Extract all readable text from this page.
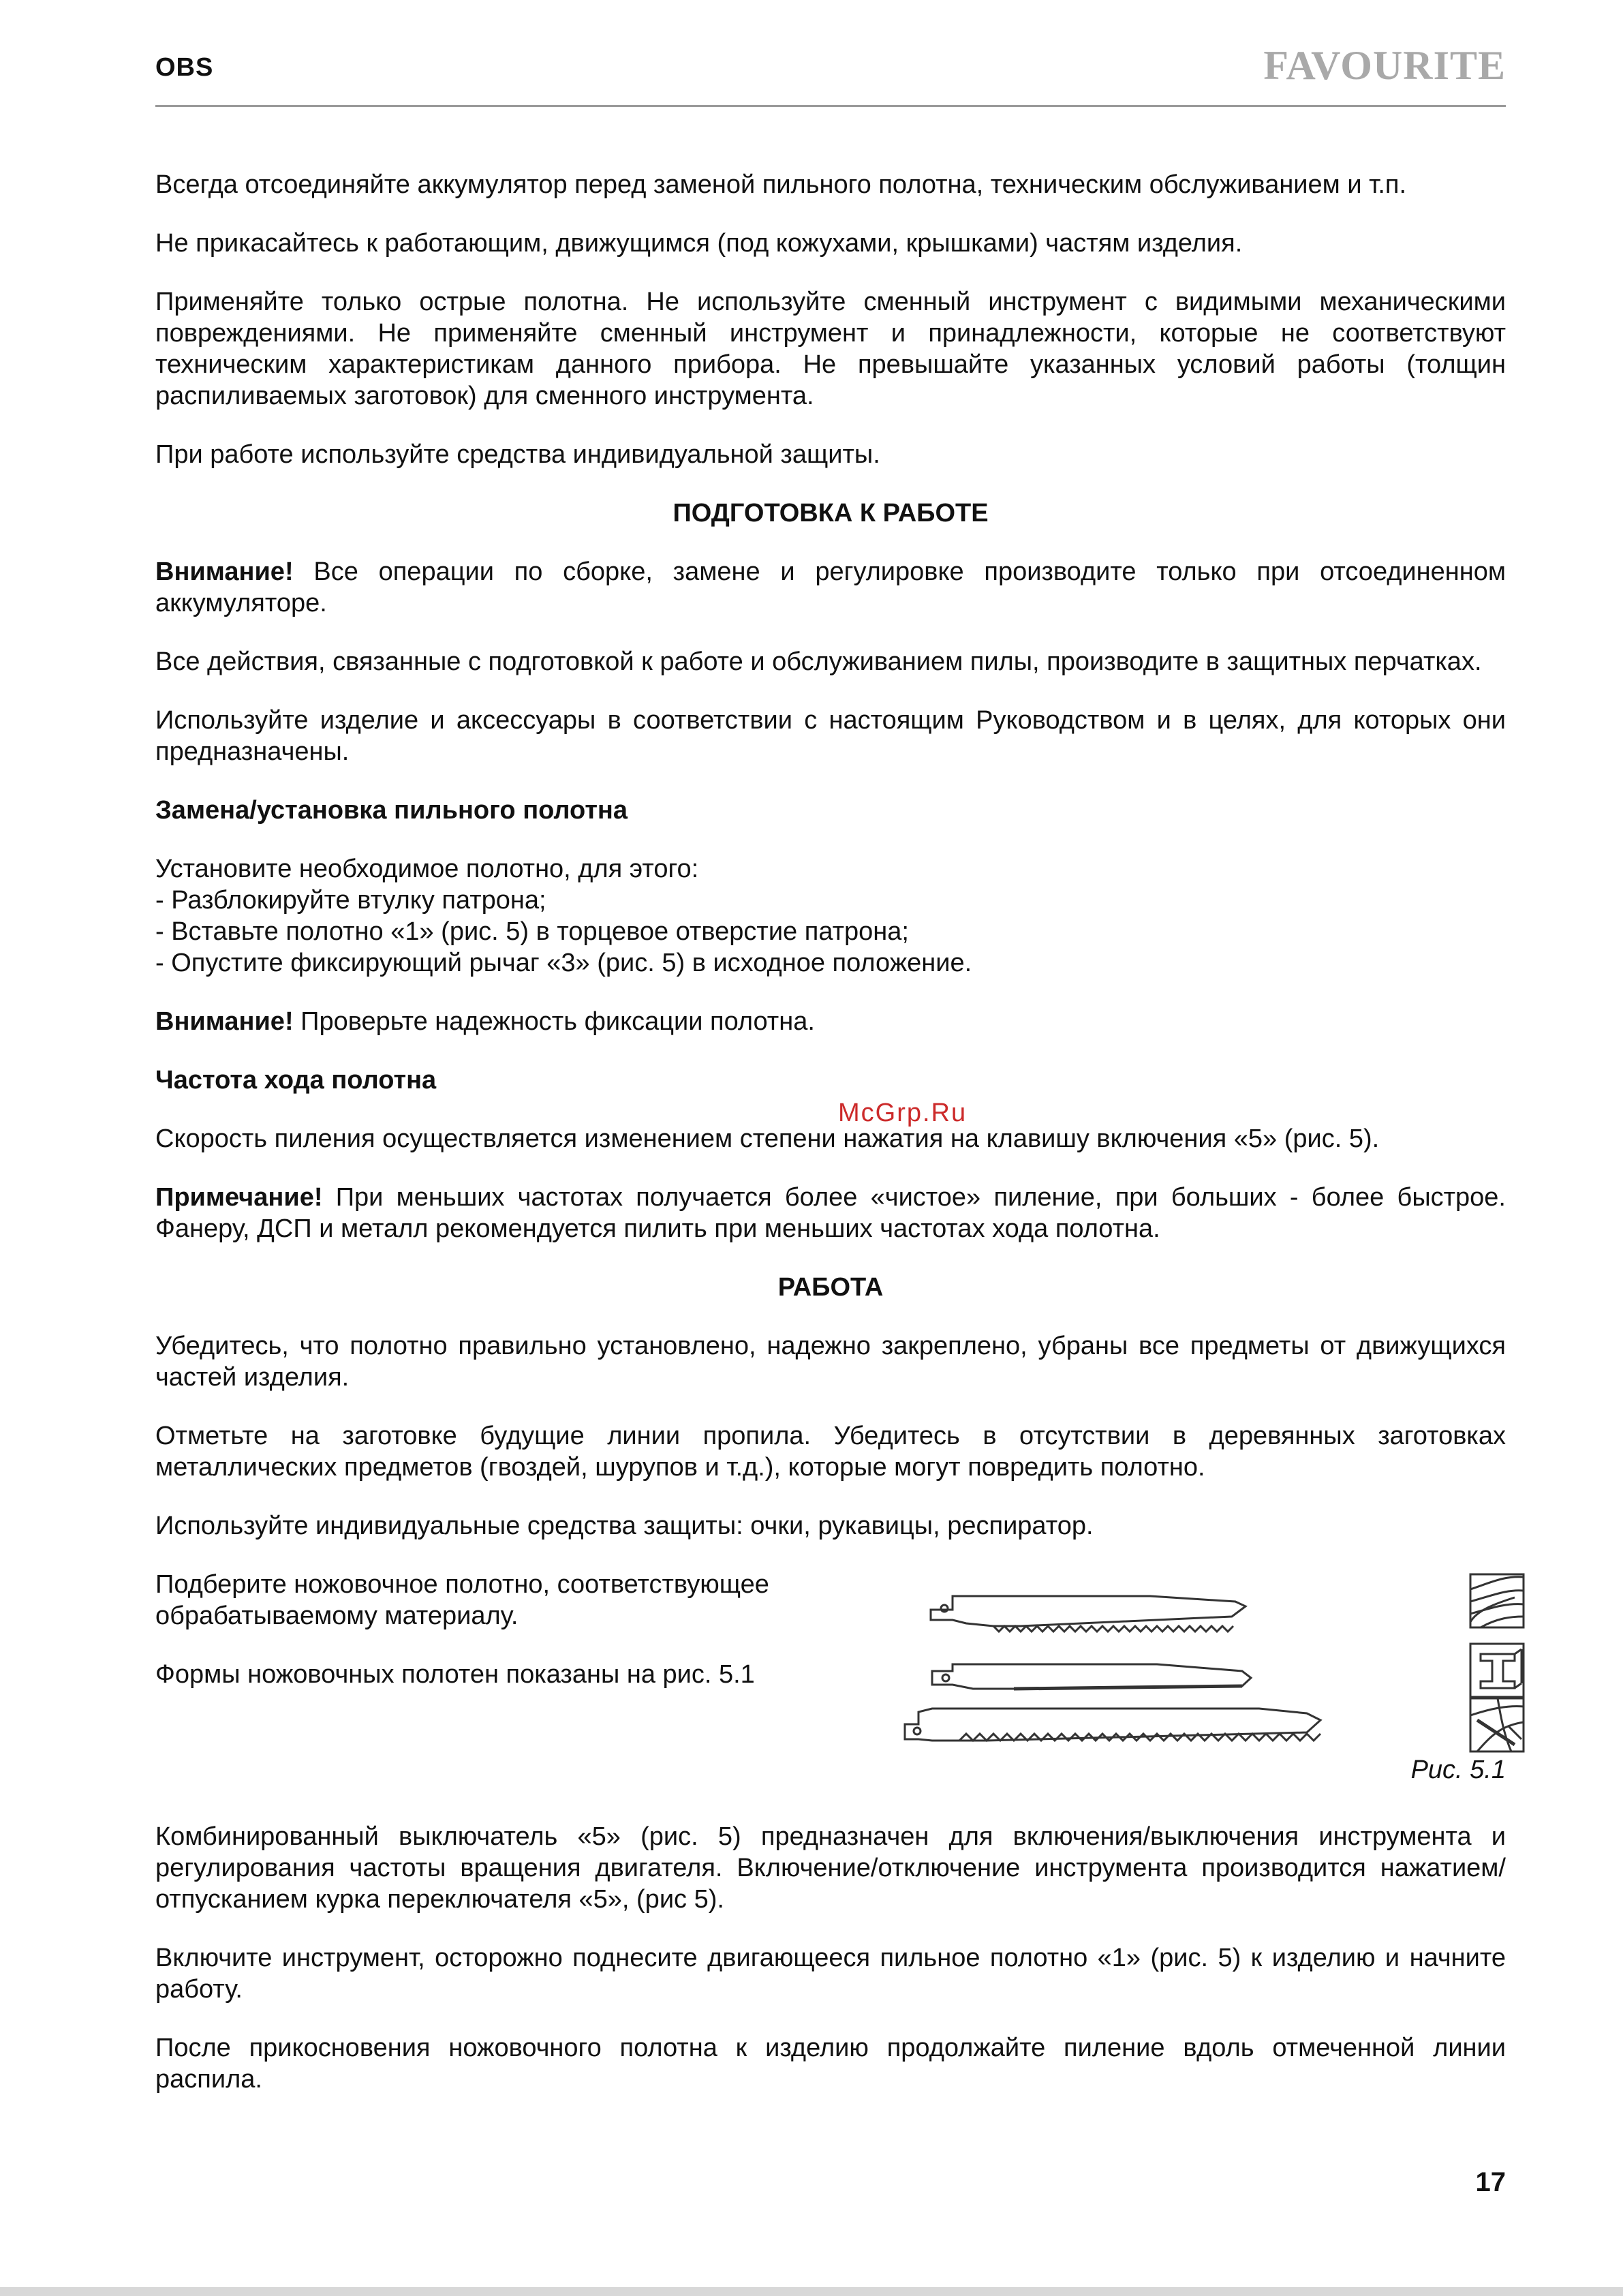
OBS	FAVOURITE

Всегда отсоединяйте аккумулятор перед заменой пильного полотна, техническим обслуживанием и т.п.

Не прикасайтесь к работающим, движущимся (под кожухами, крышками) частям изделия.

Применяйте только острые полотна. Не используйте сменный инструмент с видимыми механическими повреждениями. Не применяйте сменный инструмент и принадлежности, которые не соответствуют техническим характеристикам данного прибора. Не превышайте указанных условий работы (толщин распиливаемых заготовок) для сменного инструмента.

При работе используйте средства индивидуальной защиты.

ПОДГОТОВКА К РАБОТЕ

Внимание! Все операции по сборке, замене и регулировке производите только при отсоединенном аккумуляторе.

Все действия, связанные с подготовкой к работе и обслуживанием пилы, производите в защитных перчатках.

Используйте изделие и аксессуары в соответствии с настоящим Руководством и в целях, для которых они предназначены.

Замена/установка пильного полотна

Установите необходимое полотно, для этого:
- Разблокируйте втулку патрона;
- Вставьте полотно «1» (рис. 5) в торцевое отверстие патрона;
- Опустите фиксирующий рычаг «3» (рис. 5) в исходное положение.

Внимание! Проверьте надежность фиксации полотна.

Частота хода полотна
McGrp.Ru

Скорость пиления осуществляется изменением степени нажатия на клавишу включения «5» (рис. 5).

Примечание! При меньших частотах получается более «чистое» пиление, при больших - более быстрое. Фанеру, ДСП и металл рекомендуется пилить при меньших частотах хода полотна.

РАБОТА

Убедитесь, что полотно правильно установлено, надежно закреплено, убраны все предметы от движущихся частей изделия.

Отметьте на заготовке будущие линии пропила. Убедитесь в отсутствии в деревянных заготовках металлических предметов (гвоздей, шурупов и т.д.), которые могут повредить полотно.

Используйте индивидуальные средства защиты: очки, рукавицы, респиратор.

Подберите ножовочное полотно, соответствующее
обрабатываемому материалу.

Формы ножовочных полотен показаны на рис. 5.1

Рис. 5.1

Комбинированный выключатель «5» (рис. 5) предназначен для включения/выключения инструмента и регулирования частоты вращения двигателя. Включение/отключение инструмента производится нажатием/отпусканием курка переключателя «5», (рис 5).

Включите инструмент, осторожно поднесите двигающееся пильное полотно «1» (рис. 5) к изделию и начните работу.

После прикосновения ножовочного полотна к изделию продолжайте пиление вдоль отмеченной линии распила.

17
